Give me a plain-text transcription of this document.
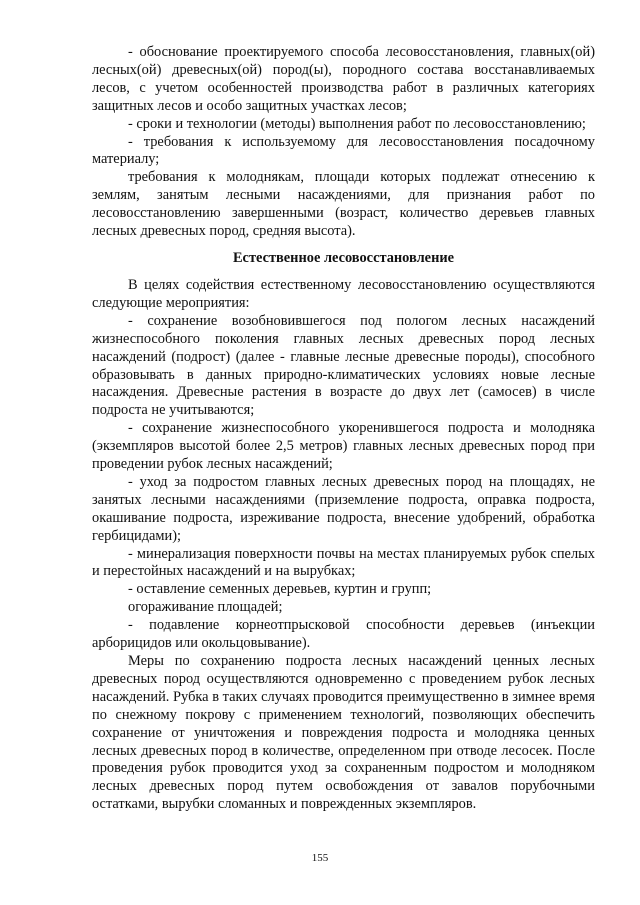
- обоснование проектируемого способа лесовосстановления, главных(ой) лесных(ой) древесных(ой) пород(ы), породного состава восстанавливаемых лесов, с учетом особенностей производства работ в различных категориях защитных лесов и особо защитных участках лесов;

- сроки и технологии (методы) выполнения работ по лесовосстановлению;

- требования к используемому для лесовосстановления посадочному материалу;

требования к молоднякам, площади которых подлежат отнесению к землям, занятым лесными насаждениями, для признания работ по лесовосстановлению завершенными (возраст, количество деревьев главных лесных древесных пород, средняя высота).

Естественное лесовосстановление

В целях содействия естественному лесовосстановлению осуществляются следующие мероприятия:

- сохранение возобновившегося под пологом лесных насаждений жизнеспособного поколения главных лесных древесных пород лесных насаждений (подрост) (далее - главные лесные древесные породы), способного образовывать в данных природно-климатических условиях новые лесные насаждения. Древесные растения в возрасте до двух лет (самосев) в числе подроста не учитываются;

- сохранение жизнеспособного укоренившегося подроста и молодняка (экземпляров высотой более 2,5 метров) главных лесных древесных пород при проведении рубок лесных насаждений;

- уход за подростом главных лесных древесных пород на площадях, не занятых лесными насаждениями (приземление подроста, оправка подроста, окашивание подроста, изреживание подроста, внесение удобрений, обработка гербицидами);

- минерализация поверхности почвы на местах планируемых рубок спелых и перестойных насаждений и на вырубках;

- оставление семенных деревьев, куртин и групп;

огораживание площадей;

- подавление корнеотпрысковой способности деревьев (инъекции арборицидов или окольцовывание).

Меры по сохранению подроста лесных насаждений ценных лесных древесных пород осуществляются одновременно с проведением рубок лесных насаждений. Рубка в таких случаях проводится преимущественно в зимнее время по снежному покрову с применением технологий, позволяющих обеспечить сохранение от уничтожения и повреждения подроста и молодняка ценных лесных древесных пород в количестве, определенном при отводе лесосек. После проведения рубок проводится уход за сохраненным подростом и молодняком лесных древесных пород путем освобождения от завалов порубочными остатками, вырубки сломанных и поврежденных экземпляров.

155
